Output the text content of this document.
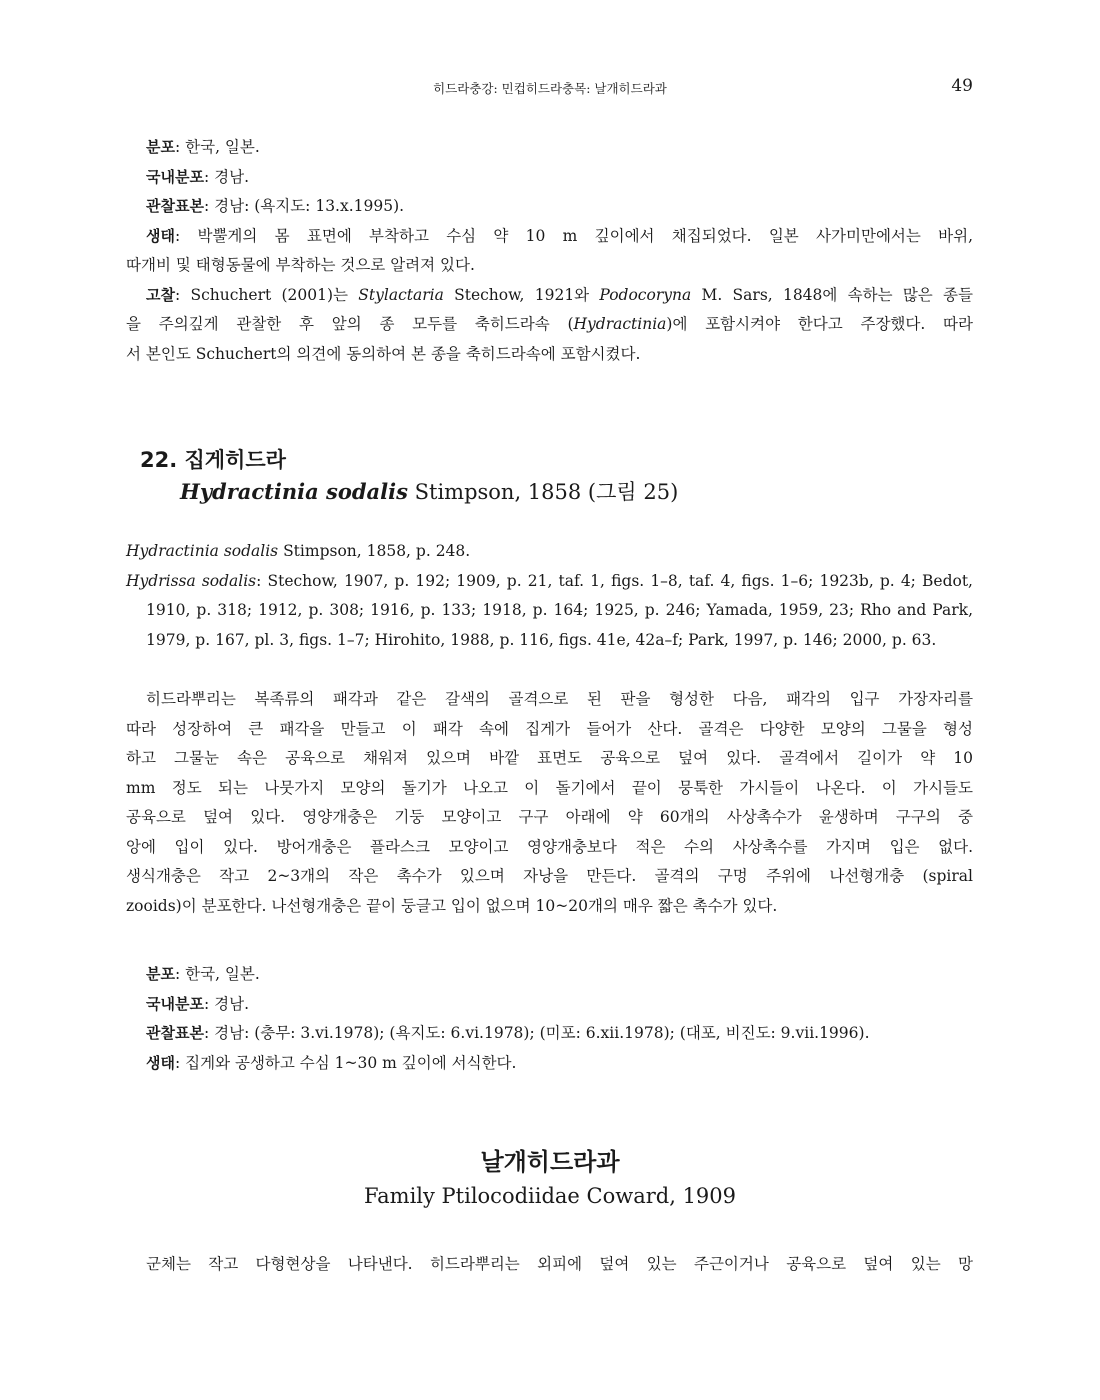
히드라충강: 민컵히드라충목: 날개히드라과	49
분포: 한국, 일본.
국내분포: 경남.
관찰표본: 경남: (욕지도: 13.x.1995).
생태: 박뿔게의 몸 표면에 부착하고 수심 약 10 m 깊이에서 채집되었다. 일본 사가미만에서는 바위,
따개비 및 태형동물에 부착하는 것으로 알려져 있다.
고찰: Schuchert (2001)는 Stylactaria Stechow, 1921와 Podocoryna M. Sars, 1848에 속하는 많은 종들
을 주의깊게 관찰한 후 앞의 종 모두를 축히드라속 (Hydractinia)에 포함시켜야 한다고 주장했다. 따라
서 본인도 Schuchert의 의견에 동의하여 본 종을 축히드라속에 포함시켰다.
22. 집게히드라
Hydractinia sodalis Stimpson, 1858 (그림 25)
Hydractinia sodalis Stimpson, 1858, p. 248.
Hydrissa sodalis: Stechow, 1907, p. 192; 1909, p. 21, taf. 1, figs. 1–8, taf. 4, figs. 1–6; 1923b, p. 4; Bedot,
1910, p. 318; 1912, p. 308; 1916, p. 133; 1918, p. 164; 1925, p. 246; Yamada, 1959, 23; Rho and Park,
1979, p. 167, pl. 3, figs. 1–7; Hirohito, 1988, p. 116, figs. 41e, 42a–f; Park, 1997, p. 146; 2000, p. 63.
히드라뿌리는 복족류의 패각과 같은 갈색의 골격으로 된 판을 형성한 다음, 패각의 입구 가장자리를
따라 성장하여 큰 패각을 만들고 이 패각 속에 집게가 들어가 산다. 골격은 다양한 모양의 그물을 형성
하고 그물눈 속은 공육으로 채워져 있으며 바깥 표면도 공육으로 덮여 있다. 골격에서 길이가 약 10
mm 정도 되는 나뭇가지 모양의 돌기가 나오고 이 돌기에서 끝이 뭉툭한 가시들이 나온다. 이 가시들도
공육으로 덮여 있다. 영양개충은 기둥 모양이고 구구 아래에 약 60개의 사상촉수가 윤생하며 구구의 중
앙에 입이 있다. 방어개충은 플라스크 모양이고 영양개충보다 적은 수의 사상촉수를 가지며 입은 없다.
생식개충은 작고 2~3개의 작은 촉수가 있으며 자낭을 만든다. 골격의 구멍 주위에 나선형개충 (spiral
zooids)이 분포한다. 나선형개충은 끝이 둥글고 입이 없으며 10~20개의 매우 짧은 촉수가 있다.
분포: 한국, 일본.
국내분포: 경남.
관찰표본: 경남: (충무: 3.vi.1978); (욕지도: 6.vi.1978); (미포: 6.xii.1978); (대포, 비진도: 9.vii.1996).
생태: 집게와 공생하고 수심 1~30 m 깊이에 서식한다.
날개히드라과
Family Ptilocodiidae Coward, 1909
군체는 작고 다형현상을 나타낸다. 히드라뿌리는 외피에 덮여 있는 주근이거나 공육으로 덮여 있는 망
